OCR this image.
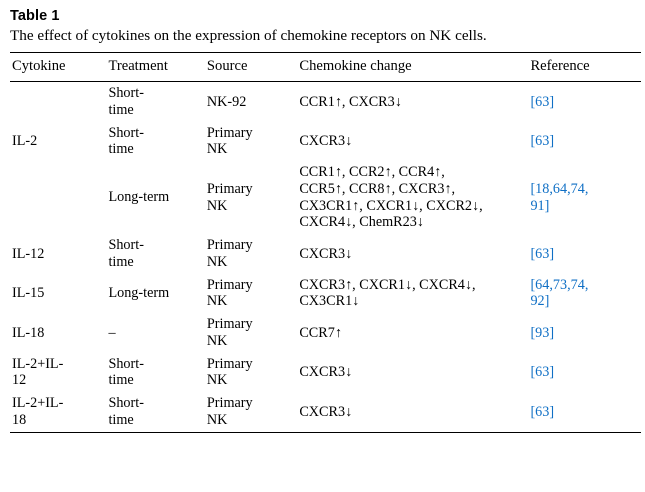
Table 1
The effect of cytokines on the expression of chemokine receptors on NK cells.
Cytokine	Treatment	Source	Chemokine change	Reference

	Short-
time	NK-92	CCR1↑, CXCR3↓	[63]

IL-2	Short-
time	Primary
NK	CXCR3↓	[63]

	Long-term	Primary
NK	CCR1↑, CCR2↑, CCR4↑,
CCR5↑, CCR8↑, CXCR3↑,
CX3CR1↑, CXCR1↓, CXCR2↓,
CXCR4↓, ChemR23↓	[18,64,74,
91]

IL-12	Short-
time	Primary
NK	CXCR3↓	[63]

IL-15	Long-term	Primary
NK	CXCR3↑, CXCR1↓, CXCR4↓,
CX3CR1↓	[64,73,74,
92]

IL-18	–	Primary
NK	CCR7↑	[93]

IL-2+IL-
12	Short-
time	Primary
NK	CXCR3↓	[63]

IL-2+IL-
18	Short-
time	Primary
NK	CXCR3↓	[63]
